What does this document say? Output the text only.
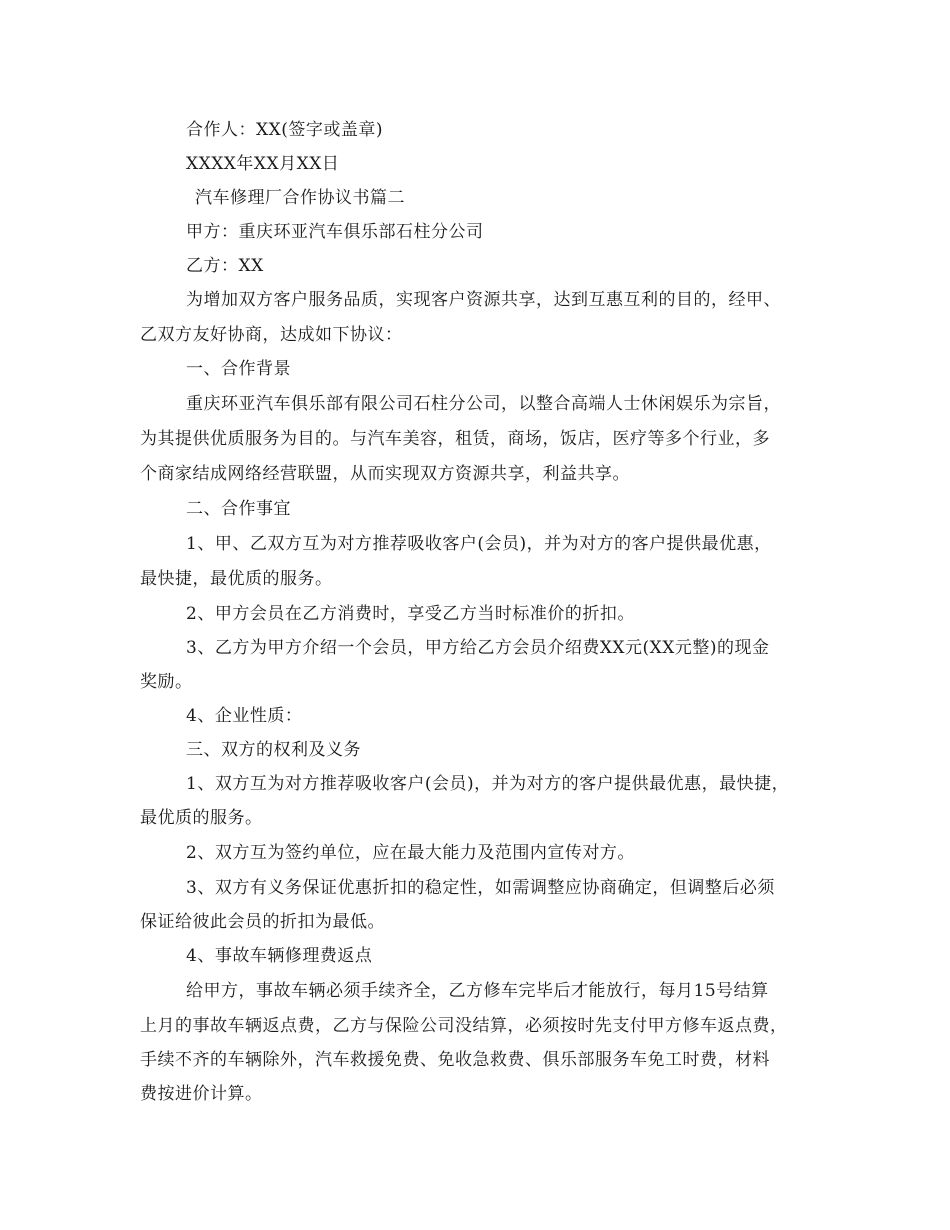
合作人：XX(签字或盖章)
XXXX年XX月XX日
汽车修理厂合作协议书篇二
甲方：重庆环亚汽车俱乐部石柱分公司
乙方：XX
为增加双方客户服务品质，实现客户资源共享，达到互惠互利的目的，经甲、
乙双方友好协商，达成如下协议：
一、合作背景
重庆环亚汽车俱乐部有限公司石柱分公司，以整合高端人士休闲娱乐为宗旨，
为其提供优质服务为目的。与汽车美容，租赁，商场，饭店，医疗等多个行业，多
个商家结成网络经营联盟，从而实现双方资源共享，利益共享。
二、合作事宜
1、甲、乙双方互为对方推荐吸收客户(会员)，并为对方的客户提供最优惠，
最快捷，最优质的服务。
2、甲方会员在乙方消费时，享受乙方当时标准价的折扣。
3、乙方为甲方介绍一个会员，甲方给乙方会员介绍费XX元(XX元整)的现金
奖励。
4、企业性质：
三、双方的权利及义务
1、双方互为对方推荐吸收客户(会员)，并为对方的客户提供最优惠，最快捷，
最优质的服务。
2、双方互为签约单位，应在最大能力及范围内宣传对方。
3、双方有义务保证优惠折扣的稳定性，如需调整应协商确定，但调整后必须
保证给彼此会员的折扣为最低。
4、事故车辆修理费返点
给甲方，事故车辆必须手续齐全，乙方修车完毕后才能放行，每月15号结算
上月的事故车辆返点费，乙方与保险公司没结算，必须按时先支付甲方修车返点费，
手续不齐的车辆除外，汽车救援免费、免收急救费、俱乐部服务车免工时费，材料
费按进价计算。
